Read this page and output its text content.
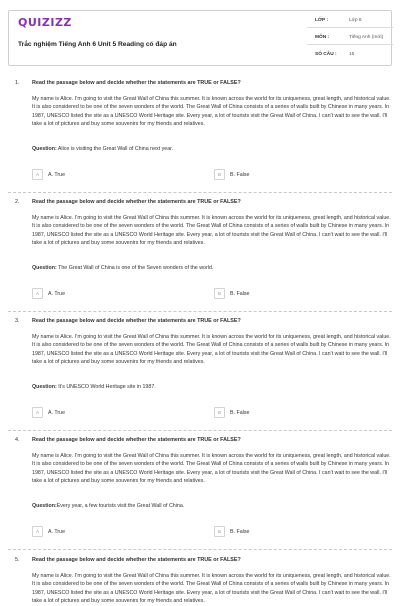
QUIZIZZ
Trắc nghiệm Tiếng Anh 6 Unit 5 Reading có đáp án
LỚP :	Lớp 6
MÔN :	Tiếng Anh (mới)
SỐ CÂU :	15
1. Read the passage below and decide whether the statements are TRUE or FALSE?
My name is Alice. I’m going to visit the Great Wall of China this summer. It is known across the world for its uniqueness, great length, and historical value. It is also considered to be one of the seven wonders of the world. The Great Wall of China consists of a series of walls built by Chinese in many years. In 1987, UNESCO listed the site as a UNESCO World Heritage site. Every year, a lot of tourists visit the Great Wall of China. I can’t wait to see the wall. I’ll take a lot of pictures and buy some souvenirs for my friends and relatives.
Question: Alice is visiting the Great Wall of China next year.
A	A. True	B	B. False
2. Read the passage below and decide whether the statements are TRUE or FALSE?
My name is Alice. I’m going to visit the Great Wall of China this summer. It is known across the world for its uniqueness, great length, and historical value. It is also considered to be one of the seven wonders of the world. The Great Wall of China consists of a series of walls built by Chinese in many years. In 1987, UNESCO listed the site as a UNESCO World Heritage site. Every year, a lot of tourists visit the Great Wall of China. I can’t wait to see the wall. I’ll take a lot of pictures and buy some souvenirs for my friends and relatives.
Question: The Great Wall of China is one of the Seven wonders of the world.
A	A. True	B	B. False
3. Read the passage below and decide whether the statements are TRUE or FALSE?
My name is Alice. I’m going to visit the Great Wall of China this summer. It is known across the world for its uniqueness, great length, and historical value. It is also considered to be one of the seven wonders of the world. The Great Wall of China consists of a series of walls built by Chinese in many years. In 1987, UNESCO listed the site as a UNESCO World Heritage site. Every year, a lot of tourists visit the Great Wall of China. I can’t wait to see the wall. I’ll take a lot of pictures and buy some souvenirs for my friends and relatives.
Question: It’s UNESCO World Heritage site in 1987.
A	A. True	B	B. False
4. Read the passage below and decide whether the statements are TRUE or FALSE?
My name is Alice. I’m going to visit the Great Wall of China this summer. It is known across the world for its uniqueness, great length, and historical value. It is also considered to be one of the seven wonders of the world. The Great Wall of China consists of a series of walls built by Chinese in many years. In 1987, UNESCO listed the site as a UNESCO World Heritage site. Every year, a lot of tourists visit the Great Wall of China. I can’t wait to see the wall. I’ll take a lot of pictures and buy some souvenirs for my friends and relatives.
Question:Every year, a few tourists visit the Great Wall of China.
A	A. True	B	B. False
5. Read the passage below and decide whether the statements are TRUE or FALSE?
My name is Alice. I’m going to visit the Great Wall of China this summer. It is known across the world for its uniqueness, great length, and historical value. It is also considered to be one of the seven wonders of the world. The Great Wall of China consists of a series of walls built by Chinese in many years. In 1987, UNESCO listed the site as a UNESCO World Heritage site. Every year, a lot of tourists visit the Great Wall of China. I can’t wait to see the wall. I’ll take a lot of pictures and buy some souvenirs for my friends and relatives.
